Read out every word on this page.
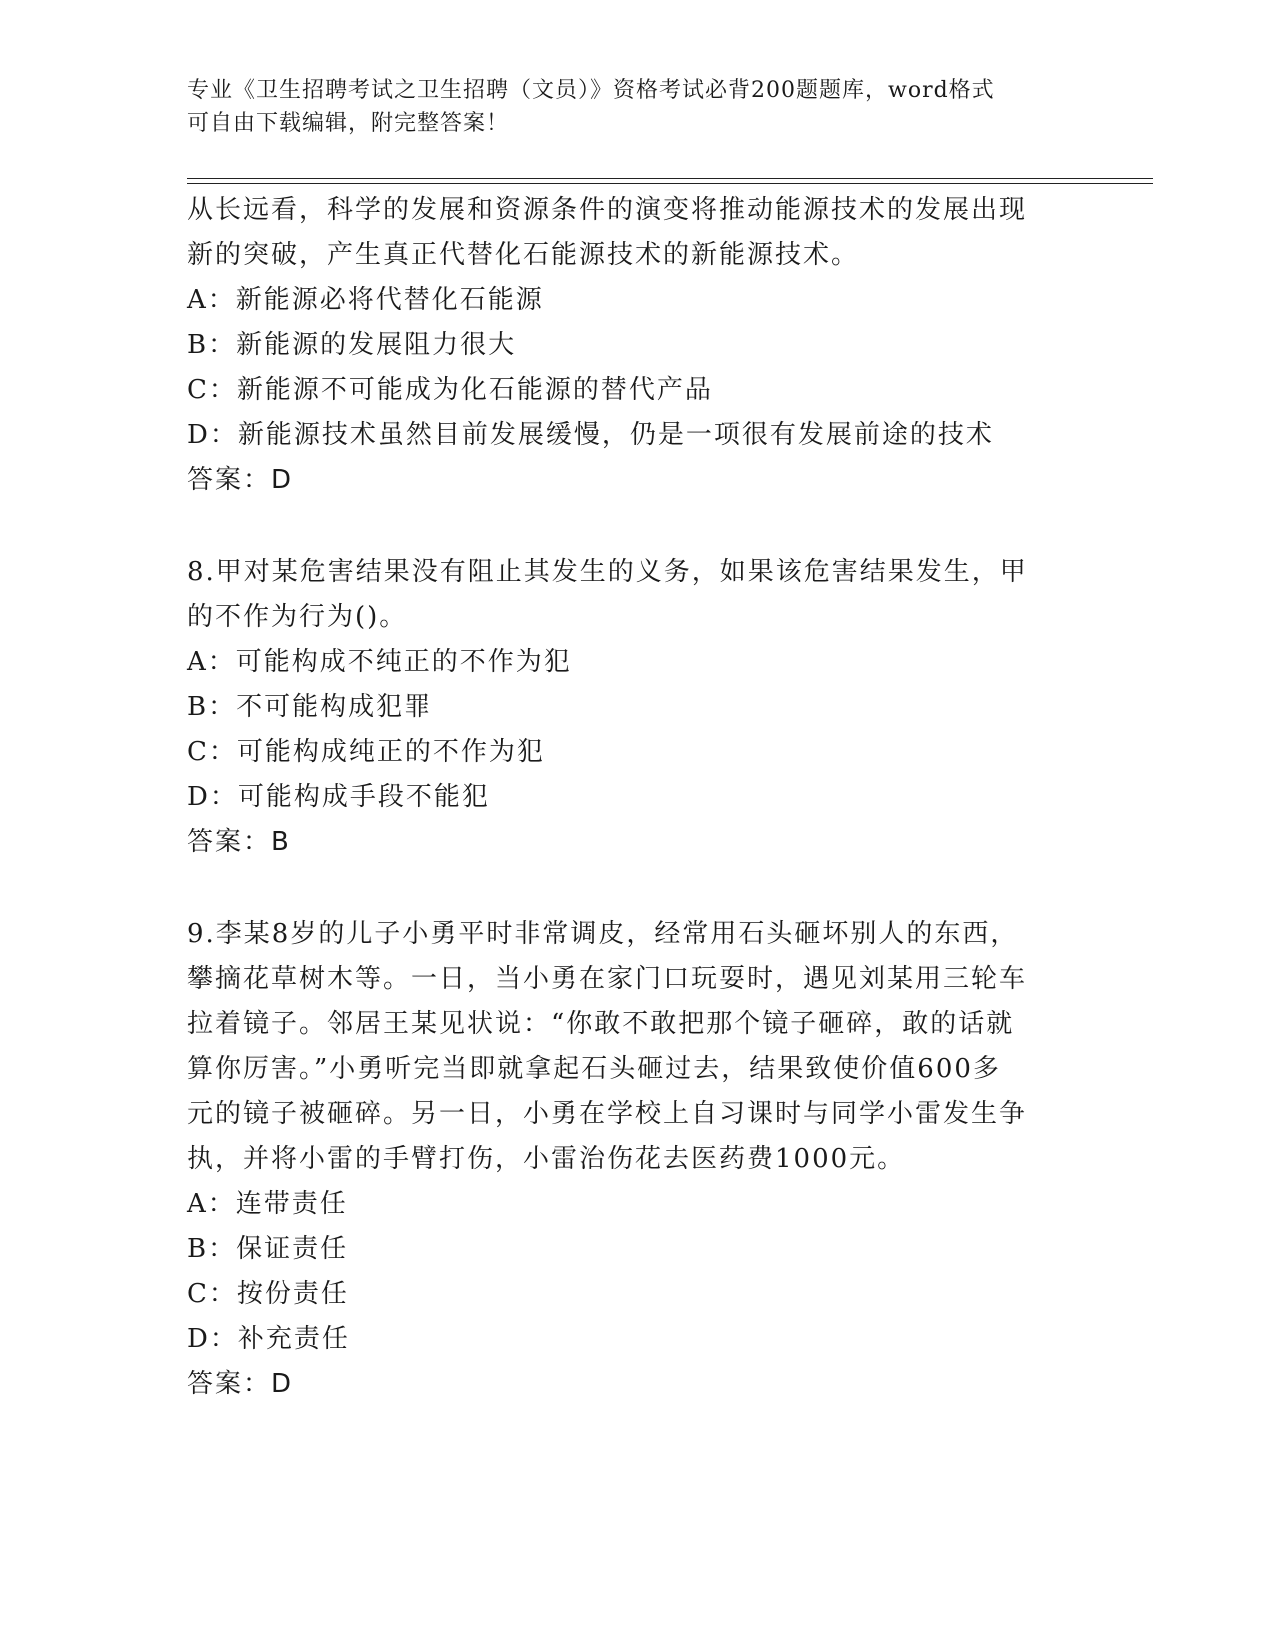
专业《卫生招聘考试之卫生招聘（文员）》资格考试必背200题题库，word格式
可自由下载编辑，附完整答案！
从长远看，科学的发展和资源条件的演变将推动能源技术的发展出现
新的突破，产生真正代替化石能源技术的新能源技术。
A：新能源必将代替化石能源
B：新能源的发展阻力很大
C：新能源不可能成为化石能源的替代产品
D：新能源技术虽然目前发展缓慢，仍是一项很有发展前途的技术
答案：D
8.甲对某危害结果没有阻止其发生的义务，如果该危害结果发生，甲
的不作为行为()。
A：可能构成不纯正的不作为犯
B：不可能构成犯罪
C：可能构成纯正的不作为犯
D：可能构成手段不能犯
答案：B
9.李某8岁的儿子小勇平时非常调皮，经常用石头砸坏别人的东西，
攀摘花草树木等。一日，当小勇在家门口玩耍时，遇见刘某用三轮车
拉着镜子。邻居王某见状说：“你敢不敢把那个镜子砸碎，敢的话就
算你厉害。”小勇听完当即就拿起石头砸过去，结果致使价值600多
元的镜子被砸碎。另一日，小勇在学校上自习课时与同学小雷发生争
执，并将小雷的手臂打伤，小雷治伤花去医药费1000元。
A：连带责任
B：保证责任
C：按份责任
D：补充责任
答案：D
